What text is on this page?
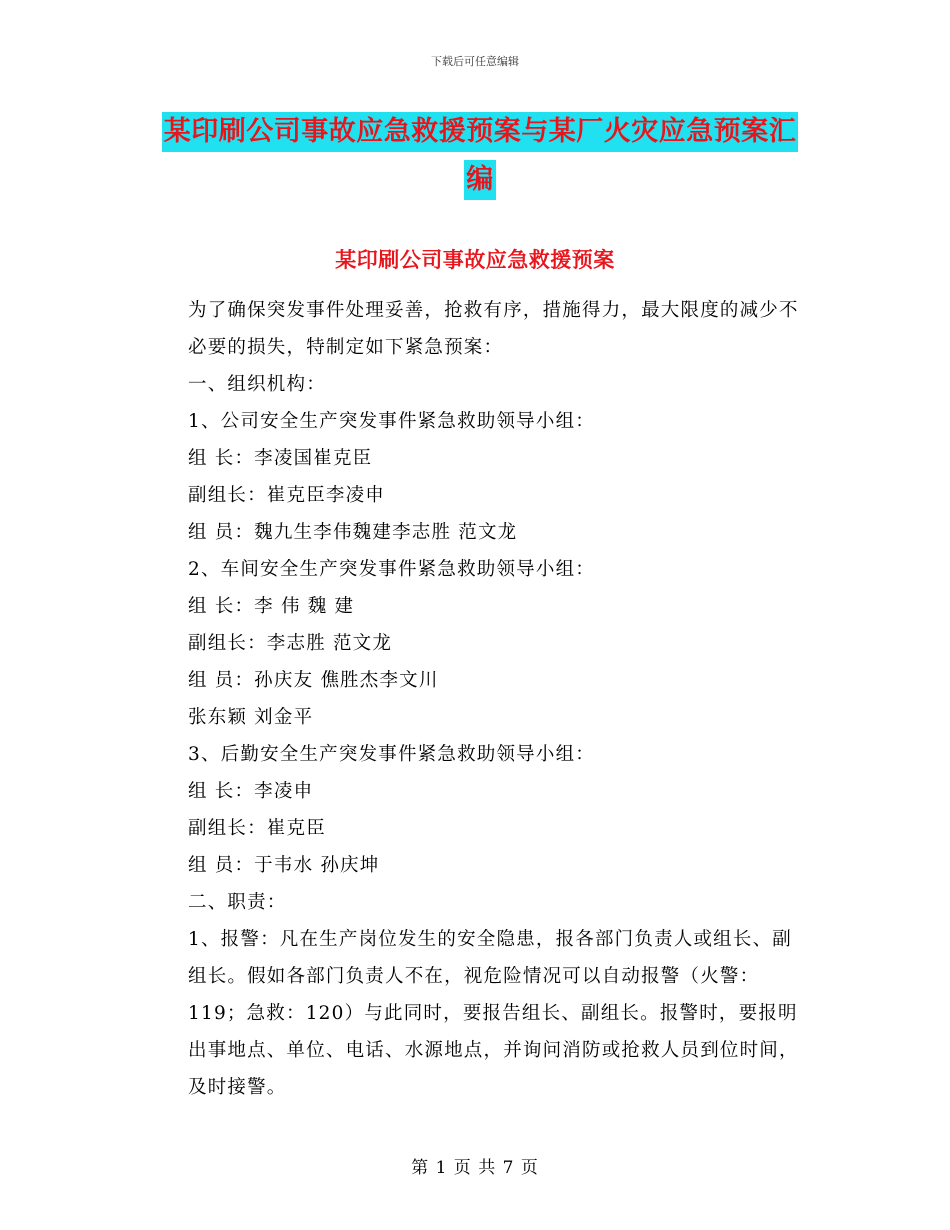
下载后可任意编辑
某印刷公司事故应急救援预案与某厂火灾应急预案汇
编
某印刷公司事故应急救援预案

为了确保突发事件处理妥善，抢救有序，措施得力，最大限度的减少不必要的损失，特制定如下紧急预案：

一、组织机构：

1、公司安全生产突发事件紧急救助领导小组：

组 长：李凌国崔克臣

副组长：崔克臣李凌申

组 员：魏九生李伟魏建李志胜 范文龙

2、车间安全生产突发事件紧急救助领导小组：

组 长：李 伟 魏 建

副组长：李志胜 范文龙

组 员：孙庆友 僬胜杰李文川

张东颖 刘金平

3、后勤安全生产突发事件紧急救助领导小组：

组 长：李凌申

副组长：崔克臣

组 员：于韦水 孙庆坤

二、职责：

1、报警：凡在生产岗位发生的安全隐患，报各部门负责人或组长、副组长。假如各部门负责人不在，视危险情况可以自动报警（火警：119；急救：120）与此同时，要报告组长、副组长。报警时，要报明出事地点、单位、电话、水源地点，并询问消防或抢救人员到位时间，及时接警。

第 1 页 共 7 页
